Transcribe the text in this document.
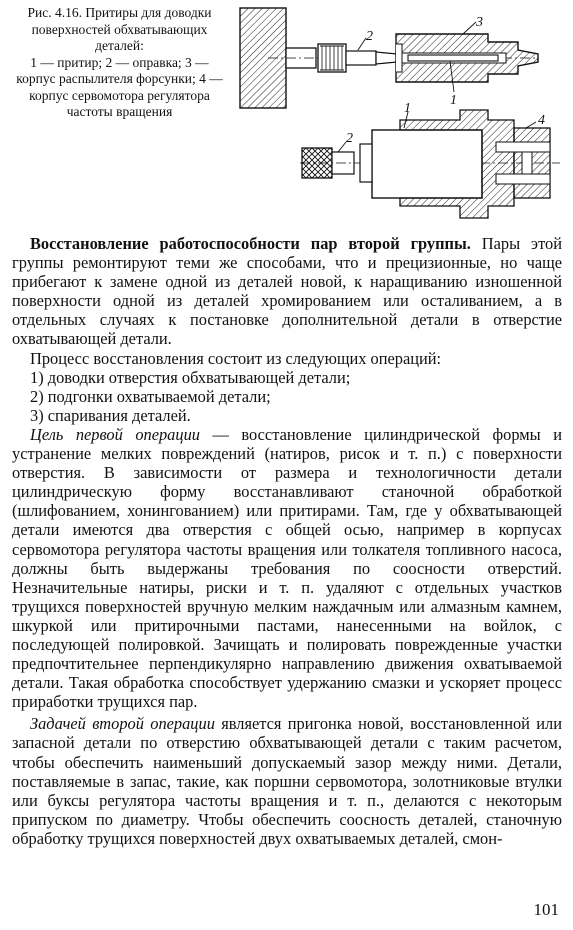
Рис. 4.16. Притиры для доводки поверхностей обхватывающих деталей:
1 — притир; 2 — оправка; 3 — корпус распылителя форсунки; 4 — корпус сервомотора регулятора частоты вращения
2
3
1
1
2
4

Восстановление работоспособности пар второй группы. Пары этой группы ремонтируют теми же способами, что и прецизионные, но чаще прибегают к замене одной из деталей новой, к наращиванию изношенной поверхности одной из деталей хромированием или осталиванием, а в отдельных случаях к постановке дополнительной детали в отверстие охватывающей детали.

Процесс восстановления состоит из следующих операций:

1) доводки отверстия обхватывающей детали;

2) подгонки охватываемой детали;

3) спаривания деталей.

Цель первой операции — восстановление цилиндрической формы и устранение мелких повреждений (натиров, рисок и т. п.) с поверхности отверстия. В зависимости от размера и технологичности детали цилиндрическую форму восстанавливают станочной обработкой (шлифованием, хонингованием) или притирами. Там, где у обхватывающей детали имеются два отверстия с общей осью, например в корпусах сервомотора регулятора частоты вращения или толкателя топливного насоса, должны быть выдержаны требования по соосности отверстий. Незначительные натиры, риски и т. п. удаляют с отдельных участков трущихся поверхностей вручную мелким наждачным или алмазным камнем, шкуркой или притирочными пастами, нанесенными на войлок, с последующей полировкой. Зачищать и полировать поврежденные участки предпочтительнее перпендикулярно направлению движения охватываемой детали. Такая обработка способствует удержанию смазки и ускоряет процесс приработки трущихся пар.

Задачей второй операции является пригонка новой, восстановленной или запасной детали по отверстию обхватывающей детали с таким расчетом, чтобы обеспечить наименьший допускаемый зазор между ними. Детали, поставляемые в запас, такие, как поршни сервомотора, золотниковые втулки или буксы регулятора частоты вращения и т. п., делаются с некоторым припуском по диаметру. Чтобы обеспечить соосность деталей, станочную обработку трущихся поверхностей двух охватываемых деталей, смон-

101
